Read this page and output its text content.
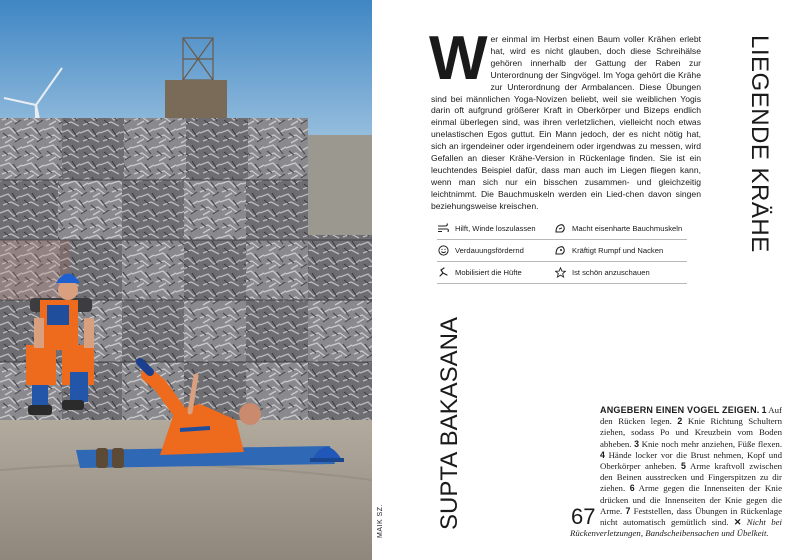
MAIK SZ.
Wer einmal im Herbst einen Baum voller Krähen erlebt hat, wird es nicht glauben, doch diese Schreihälse gehören innerhalb der Gattung der Raben zur Unterordnung der Singvögel. Im Yoga gehört die Krähe zur Unterordnung der Armbalancen. Diese Übungen sind bei männlichen Yoga-Novizen beliebt, weil sie weiblichen Yogis darin oft aufgrund größerer Kraft in Oberkörper und Bizeps endlich einmal überlegen sind, was ihren verletzlichen, vielleicht noch etwas unelastischen Egos guttut. Ein Mann jedoch, der es nicht nötig hat, sich an irgendeiner oder irgendeinem oder irgendwas zu messen, wird Gefallen an dieser Krähe-Version in Rückenlage finden. Sie ist ein leuchtendes Beispiel dafür, dass man auch im Liegen fliegen kann, wenn man sich nur ein bisschen zusammen- und gleichzeitig leichtnimmt. Die Bauchmuskeln werden ein Lied-chen davon singen beziehungsweise kreischen.	LIEGENDE KRÄHE
Hilft, Winde loszulassen	Macht eisenharte Bauchmuskeln
Verdauungsfördernd	Kräftigt Rumpf und Nacken
Mobilisiert die Hüfte	Ist schön anzuschauen
SUPTA BAKASANA	ANGEBERN EINEN VOGEL ZEIGEN. 1 Auf den Rücken legen. 2 Knie Richtung Schultern ziehen, sodass Po und Kreuzbein vom Boden abheben. 3 Knie noch mehr anziehen, Füße flexen. 4 Hände locker vor die Brust nehmen, Kopf und Oberkörper anheben. 5 Arme kraftvoll zwischen den Beinen ausstrecken und Fingerspitzen zu dir ziehen. 6 Arme gegen die Innenseiten der Knie drücken und die Innenseiten der Knie gegen die Arme. 7 Feststellen, dass Übungen in Rückenlage nicht automatisch gemütlich sind. ✕ Nicht bei Rückenverletzungen, Bandscheibensachen und Übelkeit.
67
